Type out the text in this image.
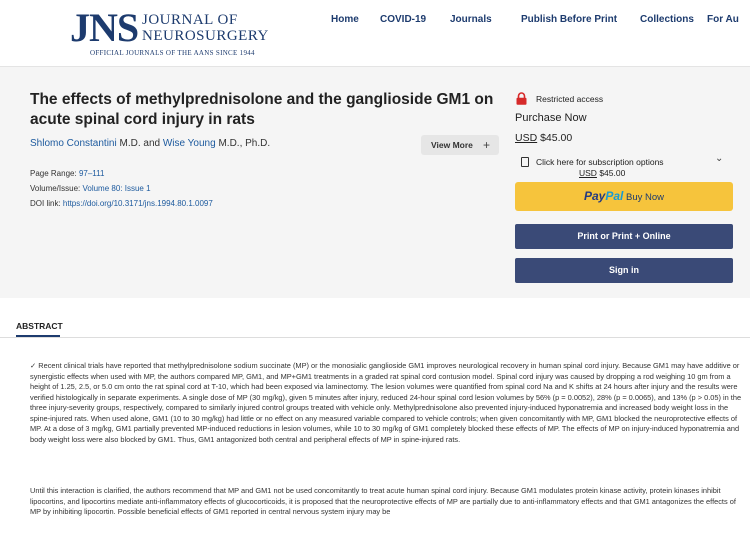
JNS JOURNAL OF
NEUROSURGERY
OFFICIAL JOURNALS OF THE AANS SINCE 1944
Home COVID-19 Journals	Publish Before Print Collections For Au
The effects of methylprednisolone and the ganglioside GM1 on acute spinal cord injury in rats
Shlomo Constantini M.D. and Wise Young M.D., Ph.D.	View More +
Page Range: 97–111
Volume/Issue: Volume 80: Issue 1
DOI link: https://doi.org/10.3171/jns.1994.80.1.0097
Restricted access
Purchase Now
USD $45.00
Click here for subscription options	⌄
USD $45.00
PayPal Buy Now
Print or Print + Online
Sign in
ABSTRACT

✓ Recent clinical trials have reported that methylprednisolone sodium succinate (MP) or the monosialic ganglioside GM1 improves neurological recovery in human spinal cord injury. Because GM1 may have additive or synergistic effects when used with MP, the authors compared MP, GM1, and MP+GM1 treatments in a graded rat spinal cord contusion model. Spinal cord injury was caused by dropping a rod weighing 10 gm from a height of 1.25, 2.5, or 5.0 cm onto the rat spinal cord at T-10, which had been exposed via laminectomy. The lesion volumes were quantified from spinal cord Na and K shifts at 24 hours after injury and the results were verified histologically in separate experiments. A single dose of MP (30 mg/kg), given 5 minutes after injury, reduced 24-hour spinal cord lesion volumes by 56% (p = 0.0052), 28% (p = 0.0065), and 13% (p > 0.05) in the three injury-severity groups, respectively, compared to similarly injured control groups treated with vehicle only. Methylprednisolone also prevented injury-induced hyponatremia and increased body weight loss in the spine-injured rats. When used alone, GM1 (10 to 30 mg/kg) had little or no effect on any measured variable compared to vehicle controls; when given concomitantly with MP, GM1 blocked the neuroprotective effects of MP. At a dose of 3 mg/kg, GM1 partially prevented MP-induced reductions in lesion volumes, while 10 to 30 mg/kg of GM1 completely blocked these effects of MP. The effects of MP on injury-induced hyponatremia and body weight loss were also blocked by GM1. Thus, GM1 antagonized both central and peripheral effects of MP in spine-injured rats.

Until this interaction is clarified, the authors recommend that MP and GM1 not be used concomitantly to treat acute human spinal cord injury. Because GM1 modulates protein kinase activity, protein kinases inhibit lipocortins, and lipocortins mediate anti-inflammatory effects of glucocorticoids, it is proposed that the neuroprotective effects of MP are partially due to anti-inflammatory effects and that GM1 antagonizes the effects of MP by inhibiting lipocortin. Possible beneficial effects of GM1 reported in central nervous system injury may be
